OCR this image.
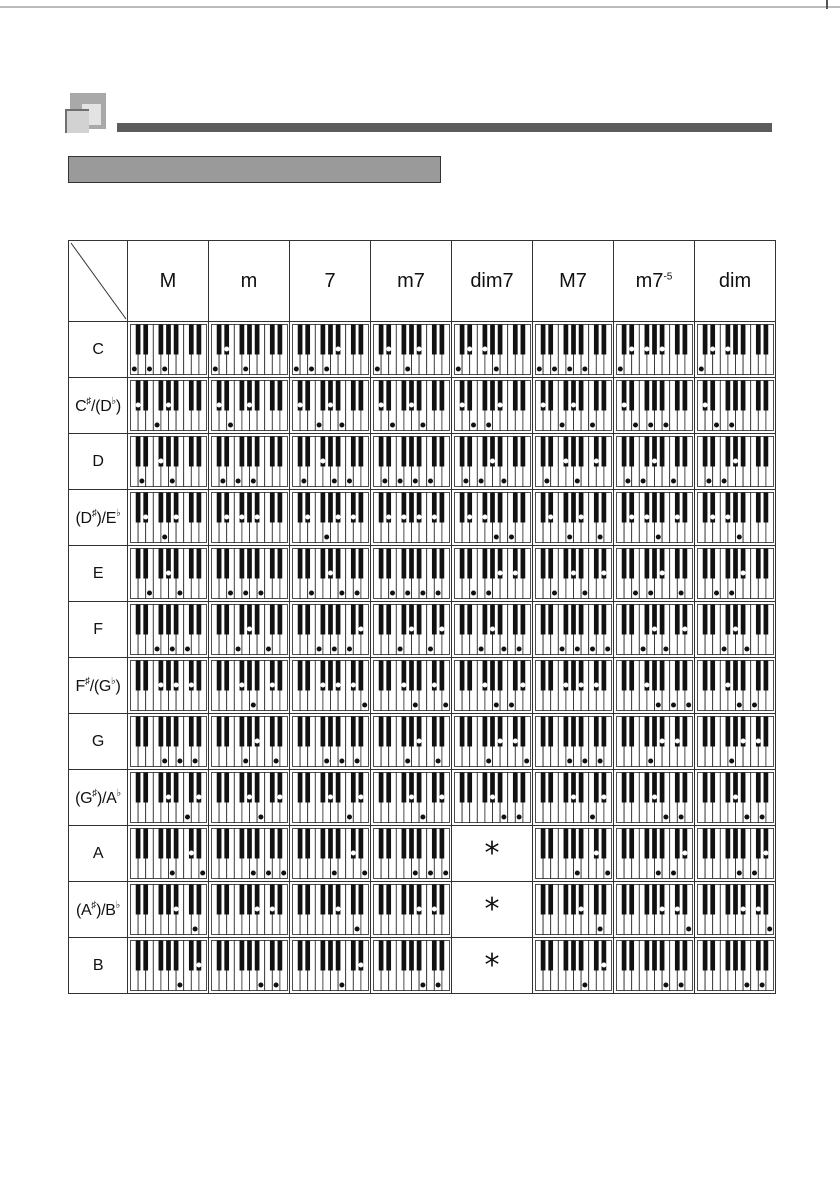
	M	m	7	m7	dim7	M7	$m7^{-5}$	dim
C	

C♯/(D♭)	

D	

(D♯)/E♭	

E	

F	

F♯/(G♭)	

G	

(G♯)/A♭	

A					*	

(A♯)/B♭					*	

B					*	
